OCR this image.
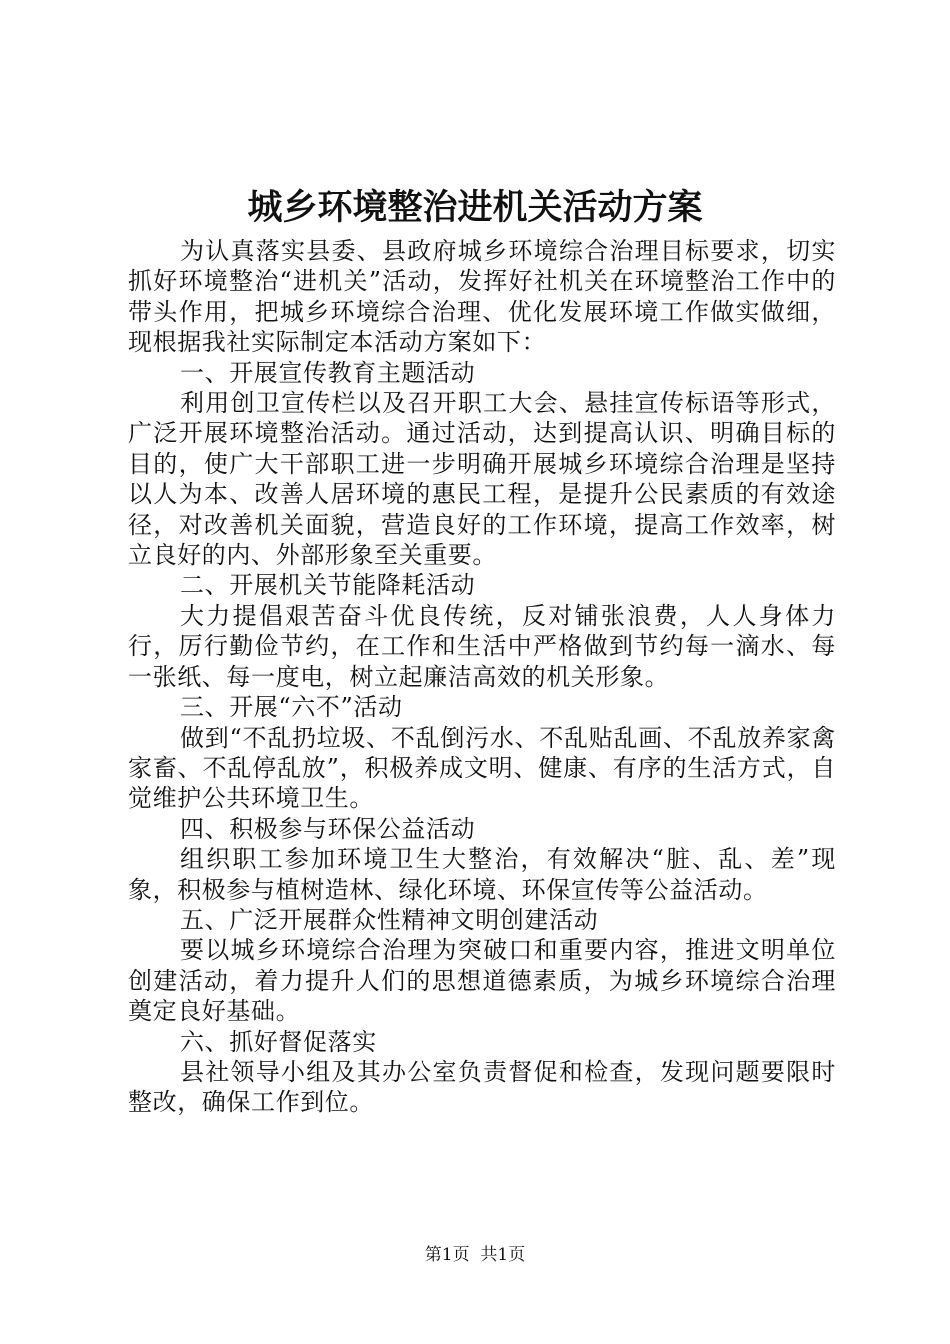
城乡环境整治进机关活动方案

为认真落实县委、县政府城乡环境综合治理目标要求，切实抓好环境整治“进机关”活动，发挥好社机关在环境整治工作中的带头作用，把城乡环境综合治理、优化发展环境工作做实做细，现根据我社实际制定本活动方案如下：

一、开展宣传教育主题活动

利用创卫宣传栏以及召开职工大会、悬挂宣传标语等形式，广泛开展环境整治活动。通过活动，达到提高认识、明确目标的目的，使广大干部职工进一步明确开展城乡环境综合治理是坚持以人为本、改善人居环境的惠民工程，是提升公民素质的有效途径，对改善机关面貌，营造良好的工作环境，提高工作效率，树立良好的内、外部形象至关重要。

二、开展机关节能降耗活动

大力提倡艰苦奋斗优良传统，反对铺张浪费，人人身体力行，厉行勤俭节约，在工作和生活中严格做到节约每一滴水、每一张纸、每一度电，树立起廉洁高效的机关形象。

三、开展“六不”活动

做到“不乱扔垃圾、不乱倒污水、不乱贴乱画、不乱放养家禽家畜、不乱停乱放”，积极养成文明、健康、有序的生活方式，自觉维护公共环境卫生。

四、积极参与环保公益活动

组织职工参加环境卫生大整治，有效解决“脏、乱、差”现象，积极参与植树造林、绿化环境、环保宣传等公益活动。

五、广泛开展群众性精神文明创建活动

要以城乡环境综合治理为突破口和重要内容，推进文明单位创建活动，着力提升人们的思想道德素质，为城乡环境综合治理奠定良好基础。

六、抓好督促落实

县社领导小组及其办公室负责督促和检查，发现问题要限时整改，确保工作到位。

第1页 共1页
